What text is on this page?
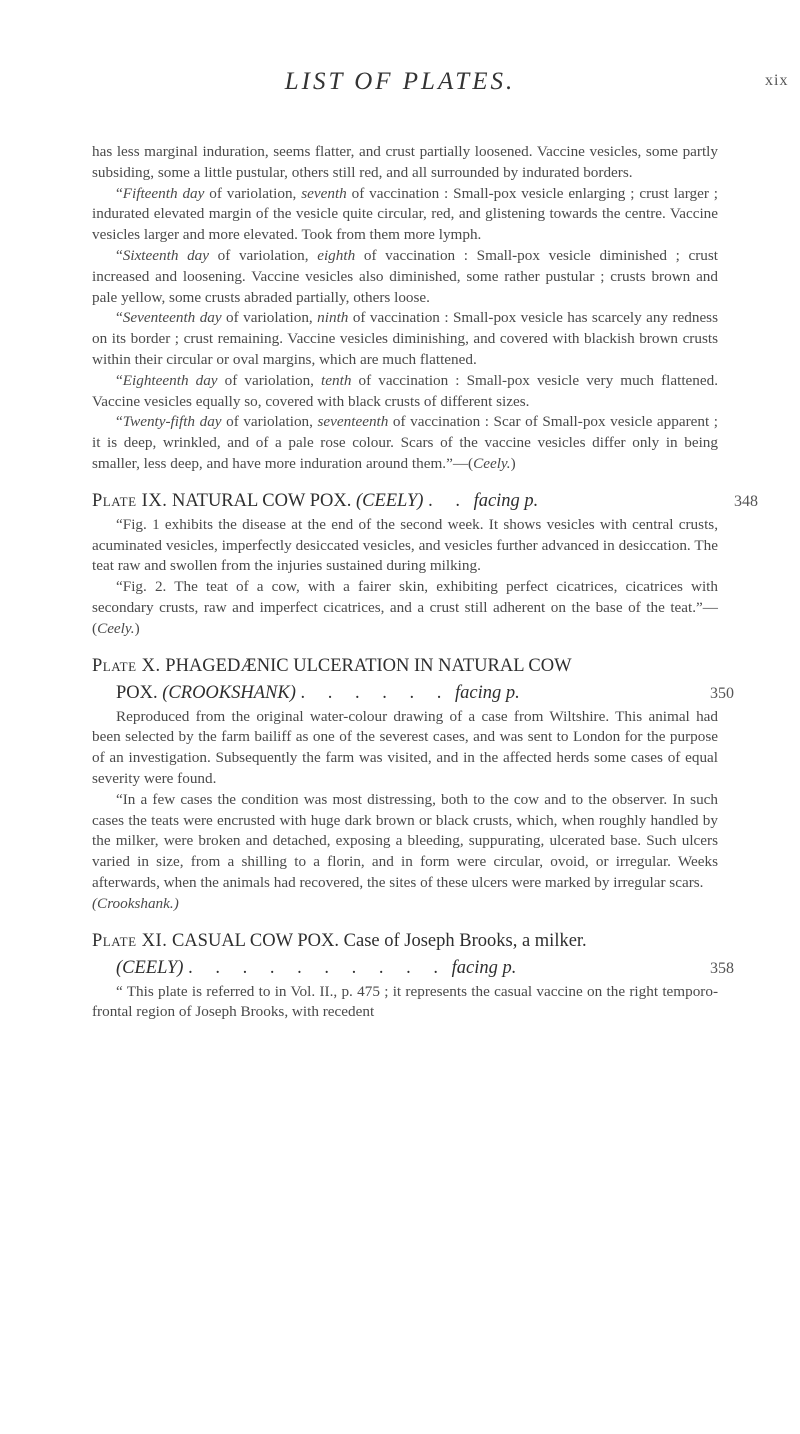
LIST OF PLATES.	xix

has less marginal induration, seems flatter, and crust partially loosened. Vaccine vesicles, some partly subsiding, some a little pustular, others still red, and all surrounded by indurated borders.

“Fifteenth day of variolation, seventh of vaccination : Small-pox vesicle enlarging ; crust larger ; indurated elevated margin of the vesicle quite circular, red, and glistening towards the centre. Vaccine vesicles larger and more elevated. Took from them more lymph.

“Sixteenth day of variolation, eighth of vaccination : Small-pox vesicle diminished ; crust increased and loosening. Vaccine vesicles also diminished, some rather pustular ; crusts brown and pale yellow, some crusts abraded partially, others loose.

“Seventeenth day of variolation, ninth of vaccination : Small-pox vesicle has scarcely any redness on its border ; crust remaining. Vaccine vesicles diminishing, and covered with blackish brown crusts within their circular or oval margins, which are much flattened.

“Eighteenth day of variolation, tenth of vaccination : Small-pox vesicle very much flattened. Vaccine vesicles equally so, covered with black crusts of different sizes.

“Twenty-fifth day of variolation, seventeenth of vaccination : Scar of Small-pox vesicle apparent ; it is deep, wrinkled, and of a pale rose colour. Scars of the vaccine vesicles differ only in being smaller, less deep, and have more induration around them.”—(Ceely.)

Plate IX. NATURAL COW POX. (CEELY) . . facing p.	348

“Fig. 1 exhibits the disease at the end of the second week. It shows vesicles with central crusts, acuminated vesicles, imperfectly desiccated vesicles, and vesicles further advanced in desiccation. The teat raw and swollen from the injuries sustained during milking.

“Fig. 2. The teat of a cow, with a fairer skin, exhibiting perfect cicatrices, cicatrices with secondary crusts, raw and imperfect cicatrices, and a crust still adherent on the base of the teat.”—(Ceely.)

Plate X. PHAGEDÆNIC ULCERATION IN NATURAL COW

POX. (CROOKSHANK) . . . . . . facing p.	350

Reproduced from the original water-colour drawing of a case from Wiltshire. This animal had been selected by the farm bailiff as one of the severest cases, and was sent to London for the purpose of an investigation. Subsequently the farm was visited, and in the affected herds some cases of equal severity were found.

“In a few cases the condition was most distressing, both to the cow and to the observer. In such cases the teats were encrusted with huge dark brown or black crusts, which, when roughly handled by the milker, were broken and detached, exposing a bleeding, suppurating, ulcerated base. Such ulcers varied in size, from a shilling to a florin, and in form were circular, ovoid, or irregular. Weeks afterwards, when the animals had recovered, the sites of these ulcers were marked by irregular scars.
(Crookshank.)

Plate XI. CASUAL COW POX. Case of Joseph Brooks, a milker.

(CEELY) . . . . . . . . . . facing p.	358

“ This plate is referred to in Vol. II., p. 475 ; it represents the casual vaccine on the right temporo-frontal region of Joseph Brooks, with recedent
